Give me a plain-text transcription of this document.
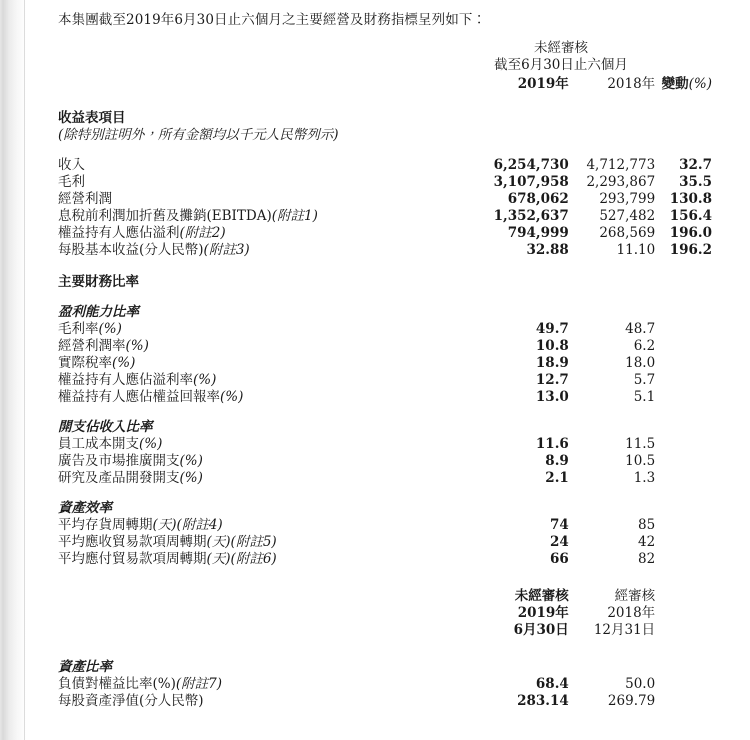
本集團截至2019年6月30日止六個月之主要經營及財務指標呈列如下：
未經審核
截至6月30日止六個月
	2019年	2018年	變動(%)
收益表項目			
(除特別註明外，所有金額均以千元人民幣列示)			

收入	6,254,730	4,712,773	32.7
毛利	3,107,958	2,293,867	35.5
經營利潤	678,062	293,799	130.8
息稅前利潤加折舊及攤銷(EBITDA)(附註1)	1,352,637	527,482	156.4
權益持有人應佔溢利(附註2)	794,999	268,569	196.0
每股基本收益(分人民幣)(附註3)	32.88	11.10	196.2
主要財務比率			

盈利能力比率			
毛利率(%)	49.7	48.7	
經營利潤率(%)	10.8	6.2	
實際稅率(%)	18.9	18.0	
權益持有人應佔溢利率(%)	12.7	5.7	
權益持有人應佔權益回報率(%)	13.0	5.1	

開支佔收入比率			
員工成本開支(%)	11.6	11.5	
廣告及市場推廣開支(%)	8.9	10.5	
研究及產品開發開支(%)	2.1	1.3	

資產效率			
平均存貨周轉期(天)(附註4)	74	85	
平均應收貿易款項周轉期(天)(附註5)	24	42	
平均應付貿易款項周轉期(天)(附註6)	66	82	
	未經審核	經審核	
	2019年	2018年	
	6月30日	12月31日	
資產比率			
負債對權益比率(%)(附註7)	68.4	50.0	
每股資產淨值(分人民幣)	283.14	269.79	
